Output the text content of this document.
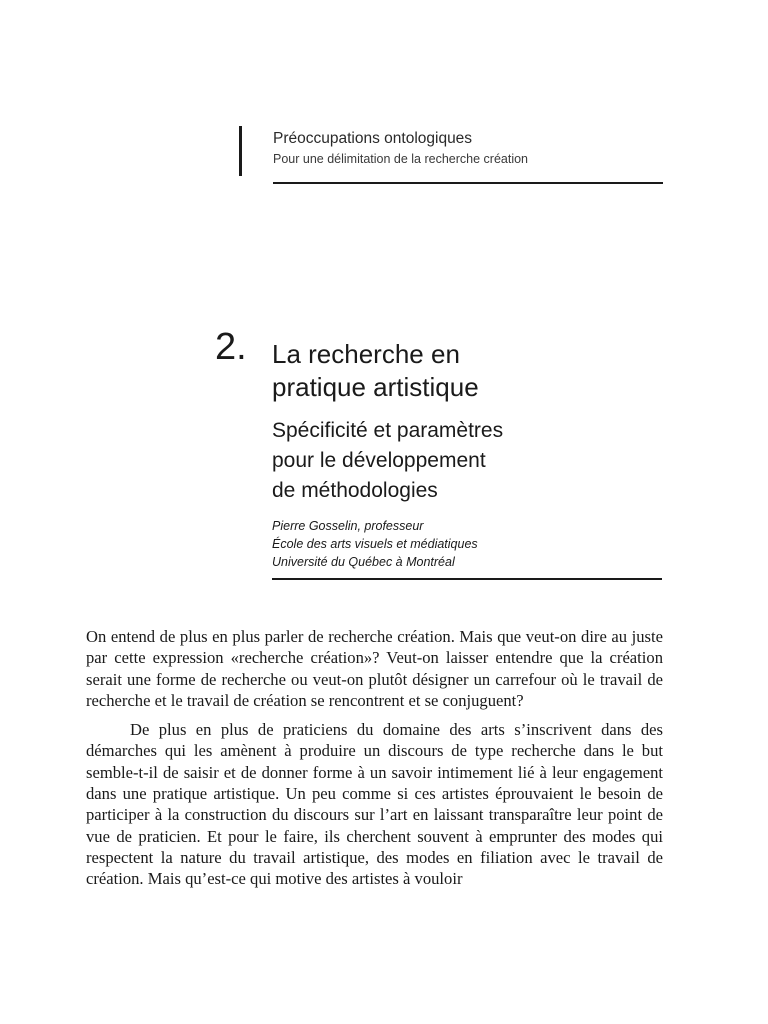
Préoccupations ontologiques
Pour une délimitation de la recherche création
2. La recherche en
pratique artistique
Spécificité et paramètres
pour le développement
de méthodologies
Pierre Gosselin, professeur
École des arts visuels et médiatiques
Université du Québec à Montréal

On entend de plus en plus parler de recherche création. Mais que veut-on dire au juste par cette expression «recherche création»? Veut-on laisser entendre que la création serait une forme de recherche ou veut-on plutôt désigner un carrefour où le travail de recherche et le travail de création se rencontrent et se conjuguent?

De plus en plus de praticiens du domaine des arts s’inscrivent dans des démarches qui les amènent à produire un discours de type recherche dans le but semble-t-il de saisir et de donner forme à un savoir intimement lié à leur engagement dans une pratique artistique. Un peu comme si ces artistes éprouvaient le besoin de participer à la construction du discours sur l’art en laissant transparaître leur point de vue de praticien. Et pour le faire, ils cherchent souvent à emprunter des modes qui respectent la nature du travail artistique, des modes en filiation avec le travail de création. Mais qu’est-ce qui motive des artistes à vouloir
